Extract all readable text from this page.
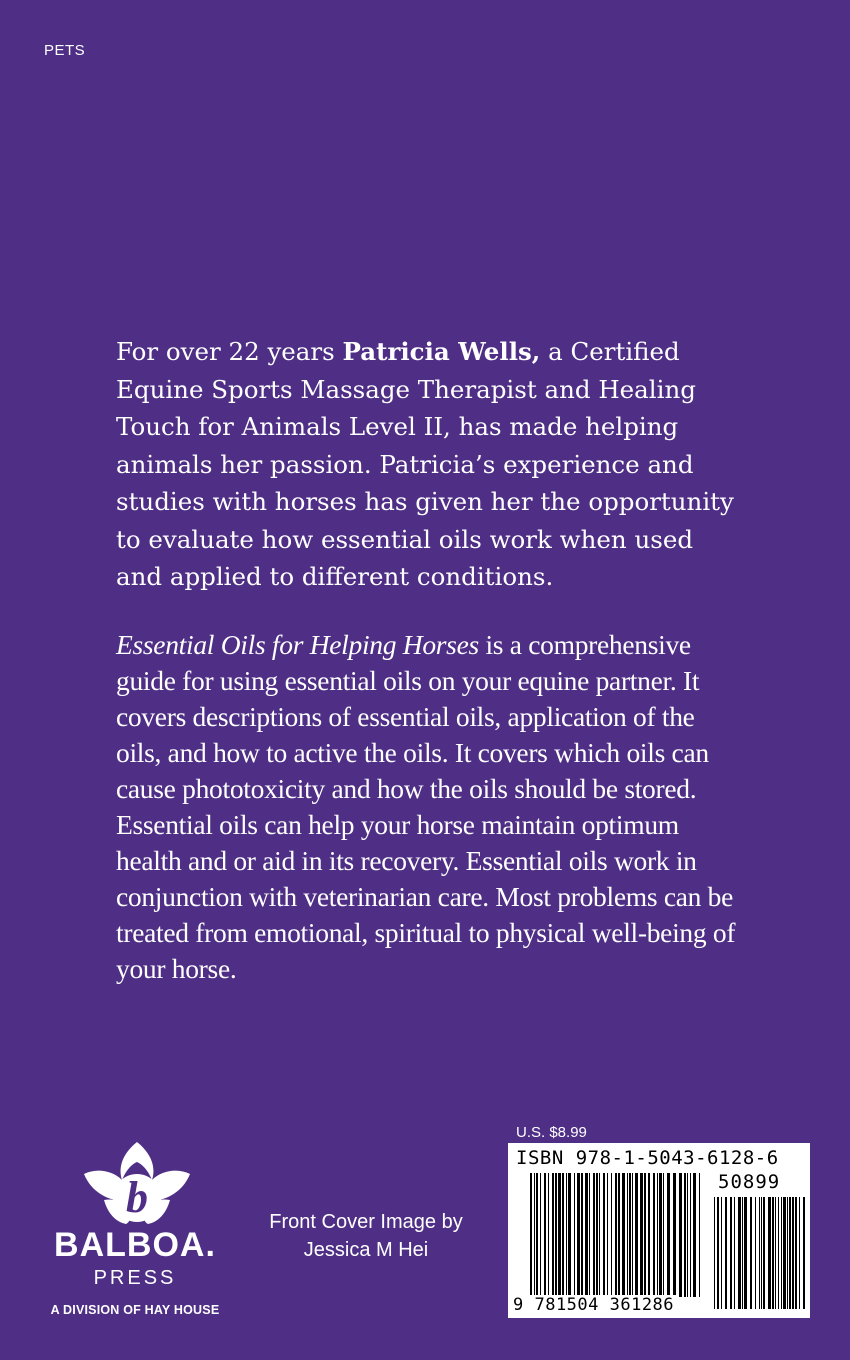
PETS

For over 22 years Patricia Wells, a Certified Equine Sports Massage Therapist and Healing Touch for Animals Level II, has made helping animals her passion. Patricia’s experience and studies with horses has given her the opportunity to evaluate how essential oils work when used and applied to different conditions.

Essential Oils for Helping Horses is a comprehensive guide for using essential oils on your equine partner. It covers descriptions of essential oils, application of the oils, and how to active the oils. It covers which oils can cause phototoxicity and how the oils should be stored. Essential oils can help your horse maintain optimum health and or aid in its recovery. Essential oils work in conjunction with veterinarian care. Most problems can be treated from emotional, spiritual to physical well-being of your horse.

b
BALBOA.
PRESS
A DIVISION OF HAY HOUSE
Front Cover Image by
Jessica M Hei
U.S. $8.99
ISBN 978-1-5043-6128-6
50899
9 781504 361286
